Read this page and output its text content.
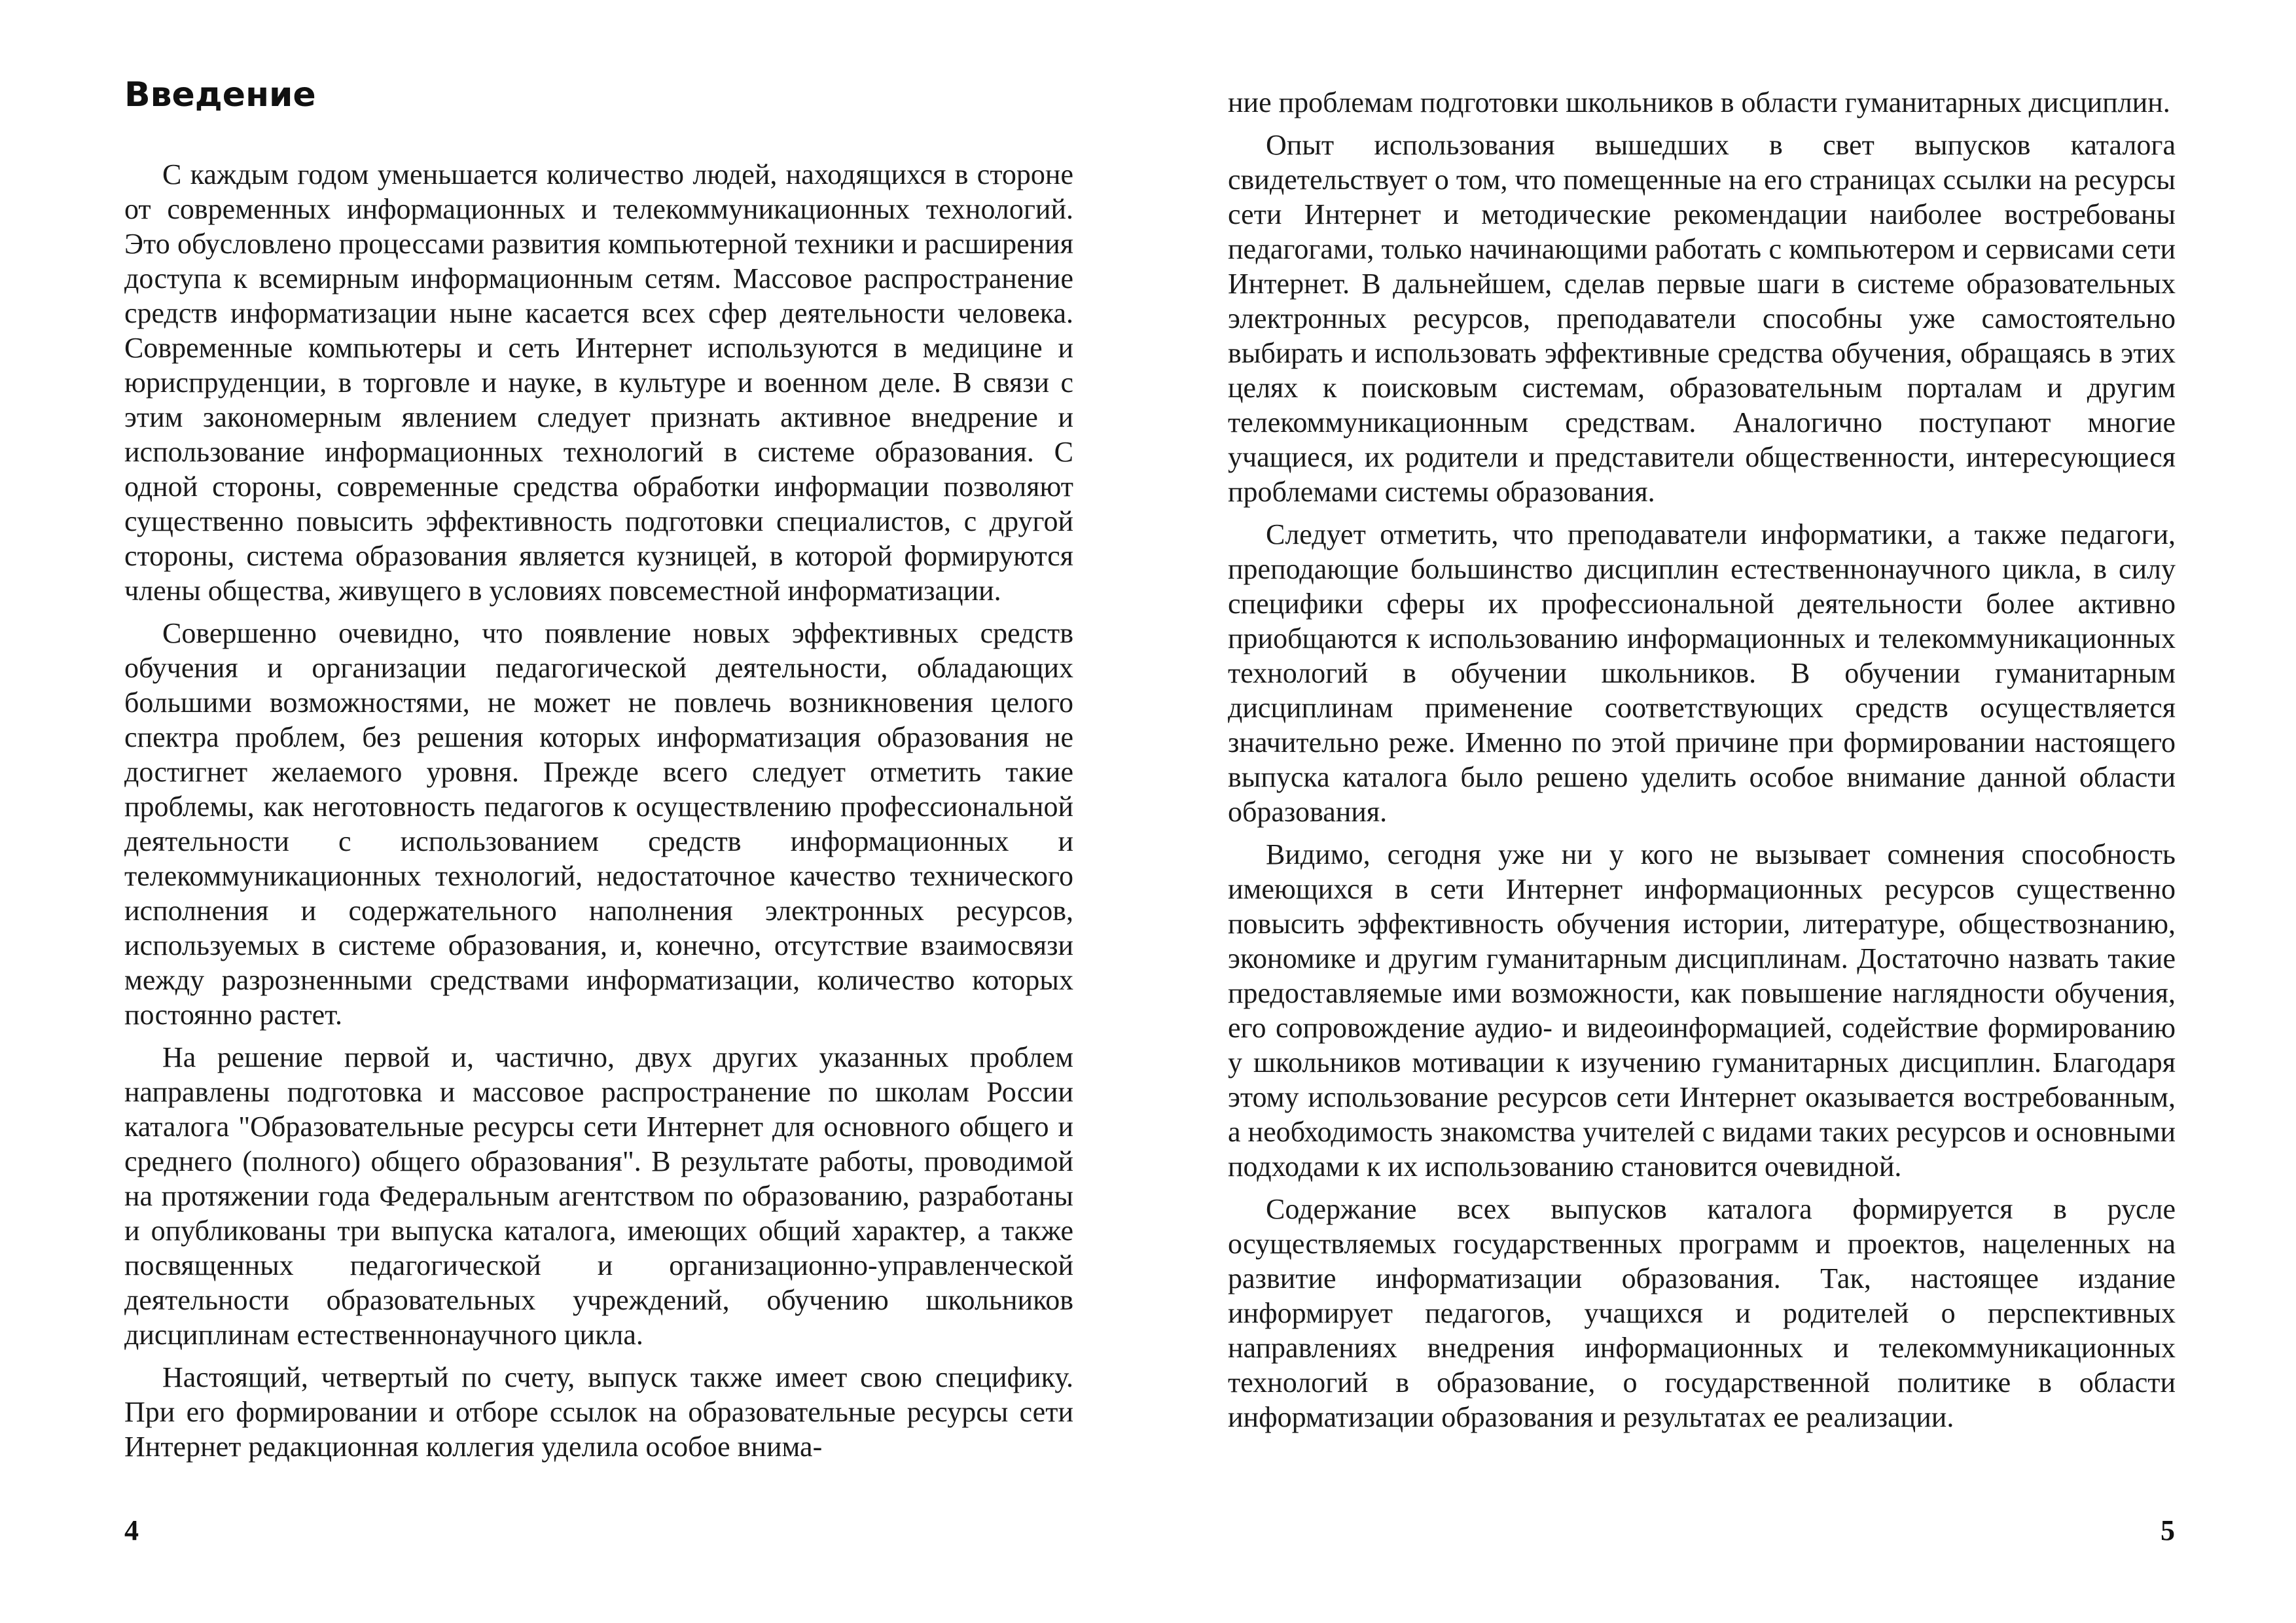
Введение

С каждым годом уменьшается количество людей, находящихся в стороне от современных информационных и телекоммуникационных технологий. Это обусловлено процессами развития компьютерной техники и расширения доступа к всемирным информационным сетям. Массовое распространение средств информатизации ныне касается всех сфер деятельности человека. Современные компьютеры и сеть Интернет используются в медицине и юриспруденции, в торговле и науке, в культуре и военном деле. В связи с этим закономерным явлением следует признать активное внедрение и использование информационных технологий в системе образования. С одной стороны, современные средства обработки информации позволяют существенно повысить эффективность подготовки специалистов, с другой стороны, система образования является кузницей, в которой формируются члены общества, живущего в условиях повсеместной информатизации.

Совершенно очевидно, что появление новых эффективных средств обучения и организации педагогической деятельности, обладающих большими возможностями, не может не повлечь возникновения целого спектра проблем, без решения которых информатизация образования не достигнет желаемого уровня. Прежде всего следует отметить такие проблемы, как неготовность педагогов к осуществлению профессиональной деятельности с использованием средств информационных и телекоммуникационных технологий, недостаточное качество технического исполнения и содержательного наполнения электронных ресурсов, используемых в системе образования, и, конечно, отсутствие взаимосвязи между разрозненными средствами информатизации, количество которых постоянно растет.

На решение первой и, частично, двух других указанных проблем направлены подготовка и массовое распространение по школам России каталога "Образовательные ресурсы сети Интернет для основного общего и среднего (полного) общего образования". В результате работы, проводимой на протяжении года Федеральным агентством по образованию, разработаны и опубликованы три выпуска каталога, имеющих общий характер, а также посвященных педагогической и организационно-управленческой деятельности образовательных учреждений, обучению школьников дисциплинам естественнонаучного цикла.

Настоящий, четвертый по счету, выпуск также имеет свою специфику. При его формировании и отборе ссылок на образовательные ресурсы сети Интернет редакционная коллегия уделила особое внима-

4

ние проблемам подготовки школьников в области гуманитарных дисциплин.

Опыт использования вышедших в свет выпусков каталога свидетельствует о том, что помещенные на его страницах ссылки на ресурсы сети Интернет и методические рекомендации наиболее востребованы педагогами, только начинающими работать с компьютером и сервисами сети Интернет. В дальнейшем, сделав первые шаги в системе образовательных электронных ресурсов, преподаватели способны уже самостоятельно выбирать и использовать эффективные средства обучения, обращаясь в этих целях к поисковым системам, образовательным порталам и другим телекоммуникационным средствам. Аналогично поступают многие учащиеся, их родители и представители общественности, интересующиеся проблемами системы образования.

Следует отметить, что преподаватели информатики, а также педагоги, преподающие большинство дисциплин естественнонаучного цикла, в силу специфики сферы их профессиональной деятельности более активно приобщаются к использованию информационных и телекоммуникационных технологий в обучении школьников. В обучении гуманитарным дисциплинам применение соответствующих средств осуществляется значительно реже. Именно по этой причине при формировании настоящего выпуска каталога было решено уделить особое внимание данной области образования.

Видимо, сегодня уже ни у кого не вызывает сомнения способность имеющихся в сети Интернет информационных ресурсов существенно повысить эффективность обучения истории, литературе, обществознанию, экономике и другим гуманитарным дисциплинам. Достаточно назвать такие предоставляемые ими возможности, как повышение наглядности обучения, его сопровождение аудио- и видеоинформацией, содействие формированию у школьников мотивации к изучению гуманитарных дисциплин. Благодаря этому использование ресурсов сети Интернет оказывается востребованным, а необходимость знакомства учителей с видами таких ресурсов и основными подходами к их использованию становится очевидной.

Содержание всех выпусков каталога формируется в русле осуществляемых государственных программ и проектов, нацеленных на развитие информатизации образования. Так, настоящее издание информирует педагогов, учащихся и родителей о перспективных направлениях внедрения информационных и телекоммуникационных технологий в образование, о государственной политике в области информатизации образования и результатах ее реализации.

5
